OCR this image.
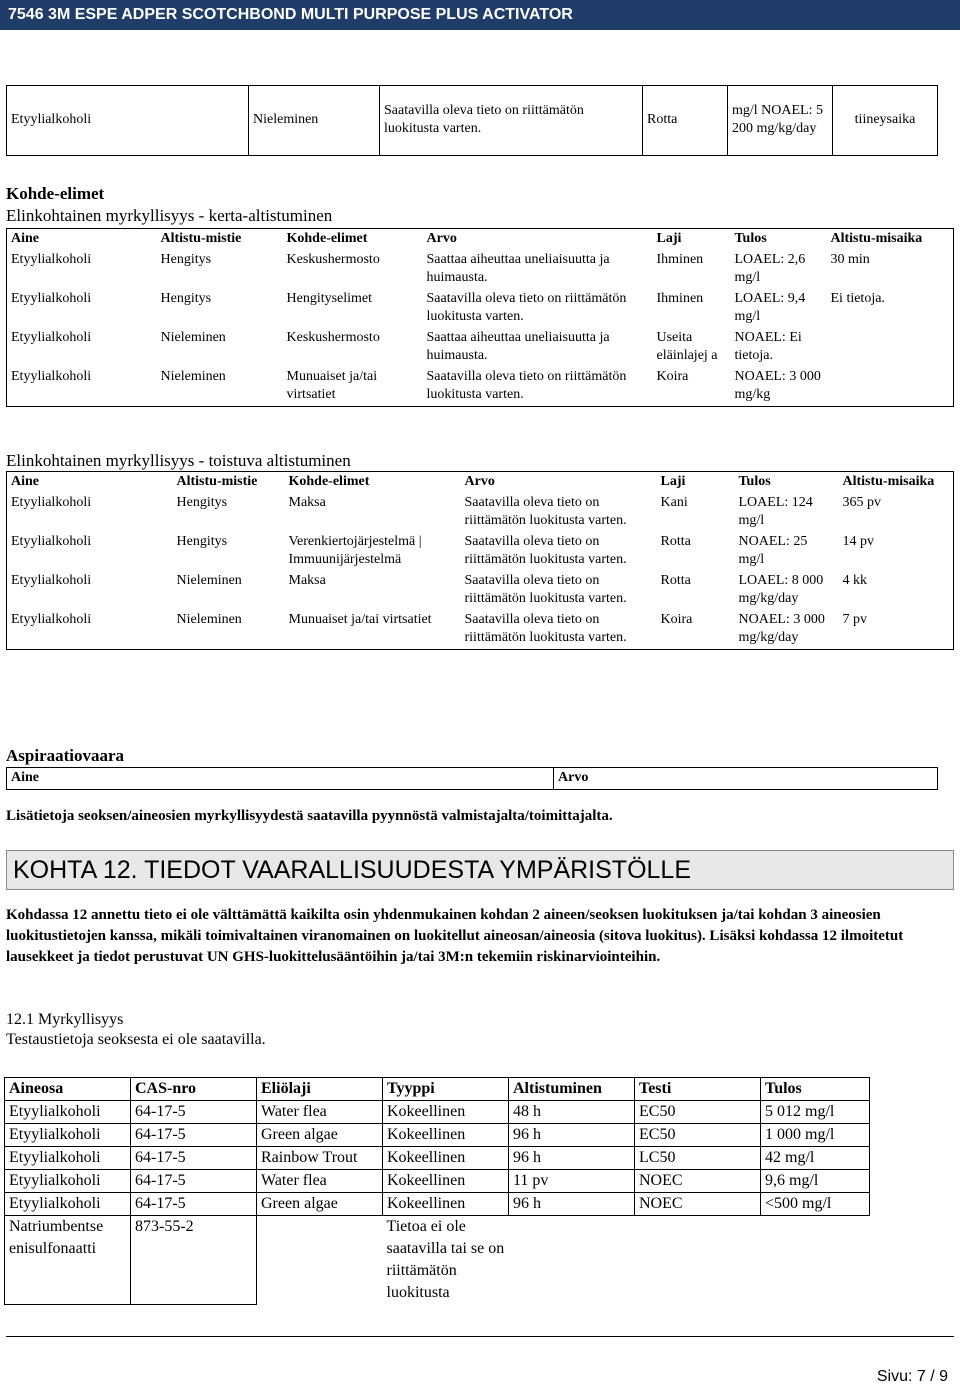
7546 3M ESPE ADPER SCOTCHBOND MULTI PURPOSE PLUS ACTIVATOR
Etyylialkoholi	Nieleminen	Saatavilla oleva tieto on riittämätön luokitusta varten.	Rotta	mg/l NOAEL: 5 200 mg/kg/day	tiineysaika
Kohde-elimet
Elinkohtainen myrkyllisyys - kerta-altistuminen
Aine	Altistu-mistie	Kohde-elimet	Arvo	Laji	Tulos	Altistu-misaika
Etyylialkoholi	Hengitys	Keskushermosto	Saattaa aiheuttaa uneliaisuutta ja huimausta.	Ihminen	LOAEL: 2,6 mg/l	30 min
Etyylialkoholi	Hengitys	Hengityselimet	Saatavilla oleva tieto on riittämätön luokitusta varten.	Ihminen	LOAEL: 9,4 mg/l	Ei tietoja.
Etyylialkoholi	Nieleminen	Keskushermosto	Saattaa aiheuttaa uneliaisuutta ja huimausta.	Useita eläinlajej a	NOAEL: Ei tietoja.	
Etyylialkoholi	Nieleminen	Munuaiset ja/tai virtsatiet	Saatavilla oleva tieto on riittämätön luokitusta varten.	Koira	NOAEL: 3 000 mg/kg	
Elinkohtainen myrkyllisyys - toistuva altistuminen
Aine	Altistu-mistie	Kohde-elimet	Arvo	Laji	Tulos	Altistu-misaika
Etyylialkoholi	Hengitys	Maksa	Saatavilla oleva tieto on riittämätön luokitusta varten.	Kani	LOAEL: 124 mg/l	365 pv
Etyylialkoholi	Hengitys	Verenkiertojärjestelmä | Immuunijärjestelmä	Saatavilla oleva tieto on riittämätön luokitusta varten.	Rotta	NOAEL: 25 mg/l	14 pv
Etyylialkoholi	Nieleminen	Maksa	Saatavilla oleva tieto on riittämätön luokitusta varten.	Rotta	LOAEL: 8 000 mg/kg/day	4 kk
Etyylialkoholi	Nieleminen	Munuaiset ja/tai virtsatiet	Saatavilla oleva tieto on riittämätön luokitusta varten.	Koira	NOAEL: 3 000 mg/kg/day	7 pv
Aspiraatiovaara
Aine	Arvo
Lisätietoja seoksen/aineosien myrkyllisyydestä saatavilla pyynnöstä valmistajalta/toimittajalta.
KOHTA 12. TIEDOT VAARALLISUUDESTA YMPÄRISTÖLLE
Kohdassa 12 annettu tieto ei ole välttämättä kaikilta osin yhdenmukainen kohdan 2 aineen/seoksen luokituksen ja/tai kohdan 3 aineosien luokitustietojen kanssa, mikäli toimivaltainen viranomainen on luokitellut aineosan/aineosia (sitova luokitus). Lisäksi kohdassa 12 ilmoitetut lausekkeet ja tiedot perustuvat UN GHS-luokittelusääntöihin ja/tai 3M:n tekemiin riskinarviointeihin.
12.1 Myrkyllisyys
Testaustietoja seoksesta ei ole saatavilla.
Aineosa	CAS-nro	Eliölaji	Tyyppi	Altistuminen	Testi	Tulos
Etyylialkoholi	64-17-5	Water flea	Kokeellinen	48 h	EC50	5 012 mg/l
Etyylialkoholi	64-17-5	Green algae	Kokeellinen	96 h	EC50	1 000 mg/l
Etyylialkoholi	64-17-5	Rainbow Trout	Kokeellinen	96 h	LC50	42 mg/l
Etyylialkoholi	64-17-5	Water flea	Kokeellinen	11 pv	NOEC	9,6 mg/l
Etyylialkoholi	64-17-5	Green algae	Kokeellinen	96 h	NOEC	<500 mg/l
Natriumbentse enisulfonaatti	873-55-2		Tietoa ei ole saatavilla tai se on riittämätön luokitusta			
Sivu: 7 / 9
